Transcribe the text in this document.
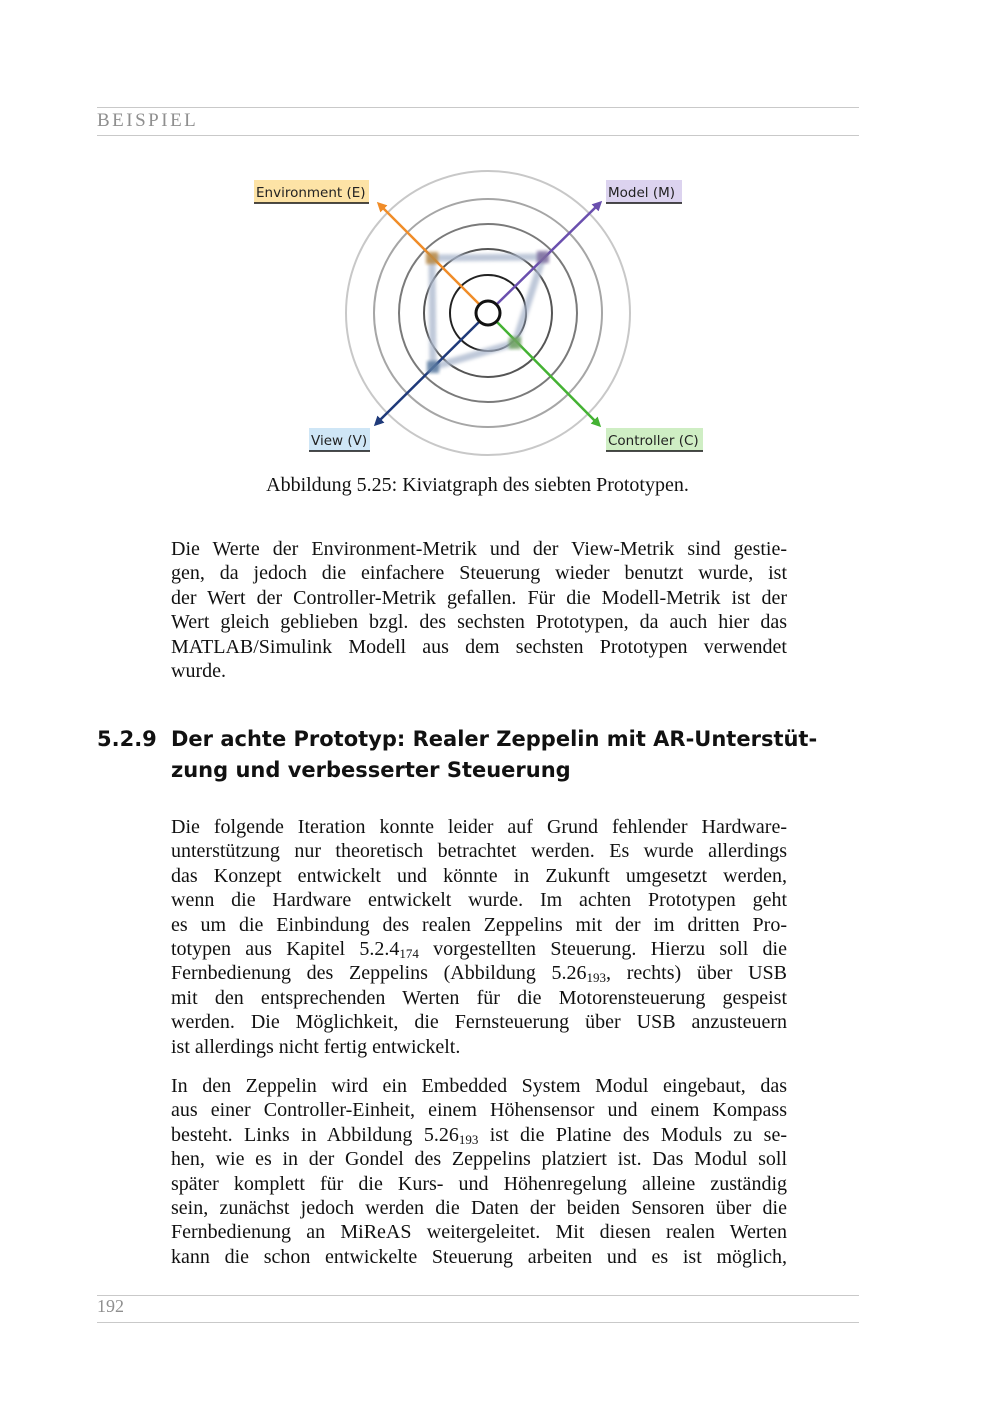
BEISPIEL
Environment (E)	Model (M)
View (V)	Controller (C)
Abbildung 5.25: Kiviatgraph des siebten Prototypen.

Die Werte der Environment-Metrik und der View-Metrik sind gestie-
gen, da jedoch die einfachere Steuerung wieder benutzt wurde, ist
der Wert der Controller-Metrik gefallen. Für die Modell-Metrik ist der
Wert gleich geblieben bzgl. des sechsten Prototypen, da auch hier das
MATLAB/Simulink Modell aus dem sechsten Prototypen verwendet
wurde.

5.2.9 Der achte Prototyp: Realer Zeppelin mit AR-Unterstüt-
zung und verbesserter Steuerung

Die folgende Iteration konnte leider auf Grund fehlender Hardware-
unterstützung nur theoretisch betrachtet werden. Es wurde allerdings
das Konzept entwickelt und könnte in Zukunft umgesetzt werden,
wenn die Hardware entwickelt wurde. Im achten Prototypen geht
es um die Einbindung des realen Zeppelins mit der im dritten Pro-
totypen aus Kapitel $5.2.4_{174}$ vorgestellten Steuerung. Hierzu soll die
Fernbedienung des Zeppelins (Abbildung $5.26_{193}$, rechts) über USB
mit den entsprechenden Werten für die Motorensteuerung gespeist
werden. Die Möglichkeit, die Fernsteuerung über USB anzusteuern
ist allerdings nicht fertig entwickelt.

In den Zeppelin wird ein Embedded System Modul eingebaut, das
aus einer Controller-Einheit, einem Höhensensor und einem Kompass
besteht. Links in Abbildung $5.26_{193}$ ist die Platine des Moduls zu se-
hen, wie es in der Gondel des Zeppelins platziert ist. Das Modul soll
später komplett für die Kurs- und Höhenregelung alleine zuständig
sein, zunächst jedoch werden die Daten der beiden Sensoren über die
Fernbedienung an MiReAS weitergeleitet. Mit diesen realen Werten
kann die schon entwickelte Steuerung arbeiten und es ist möglich,

192
